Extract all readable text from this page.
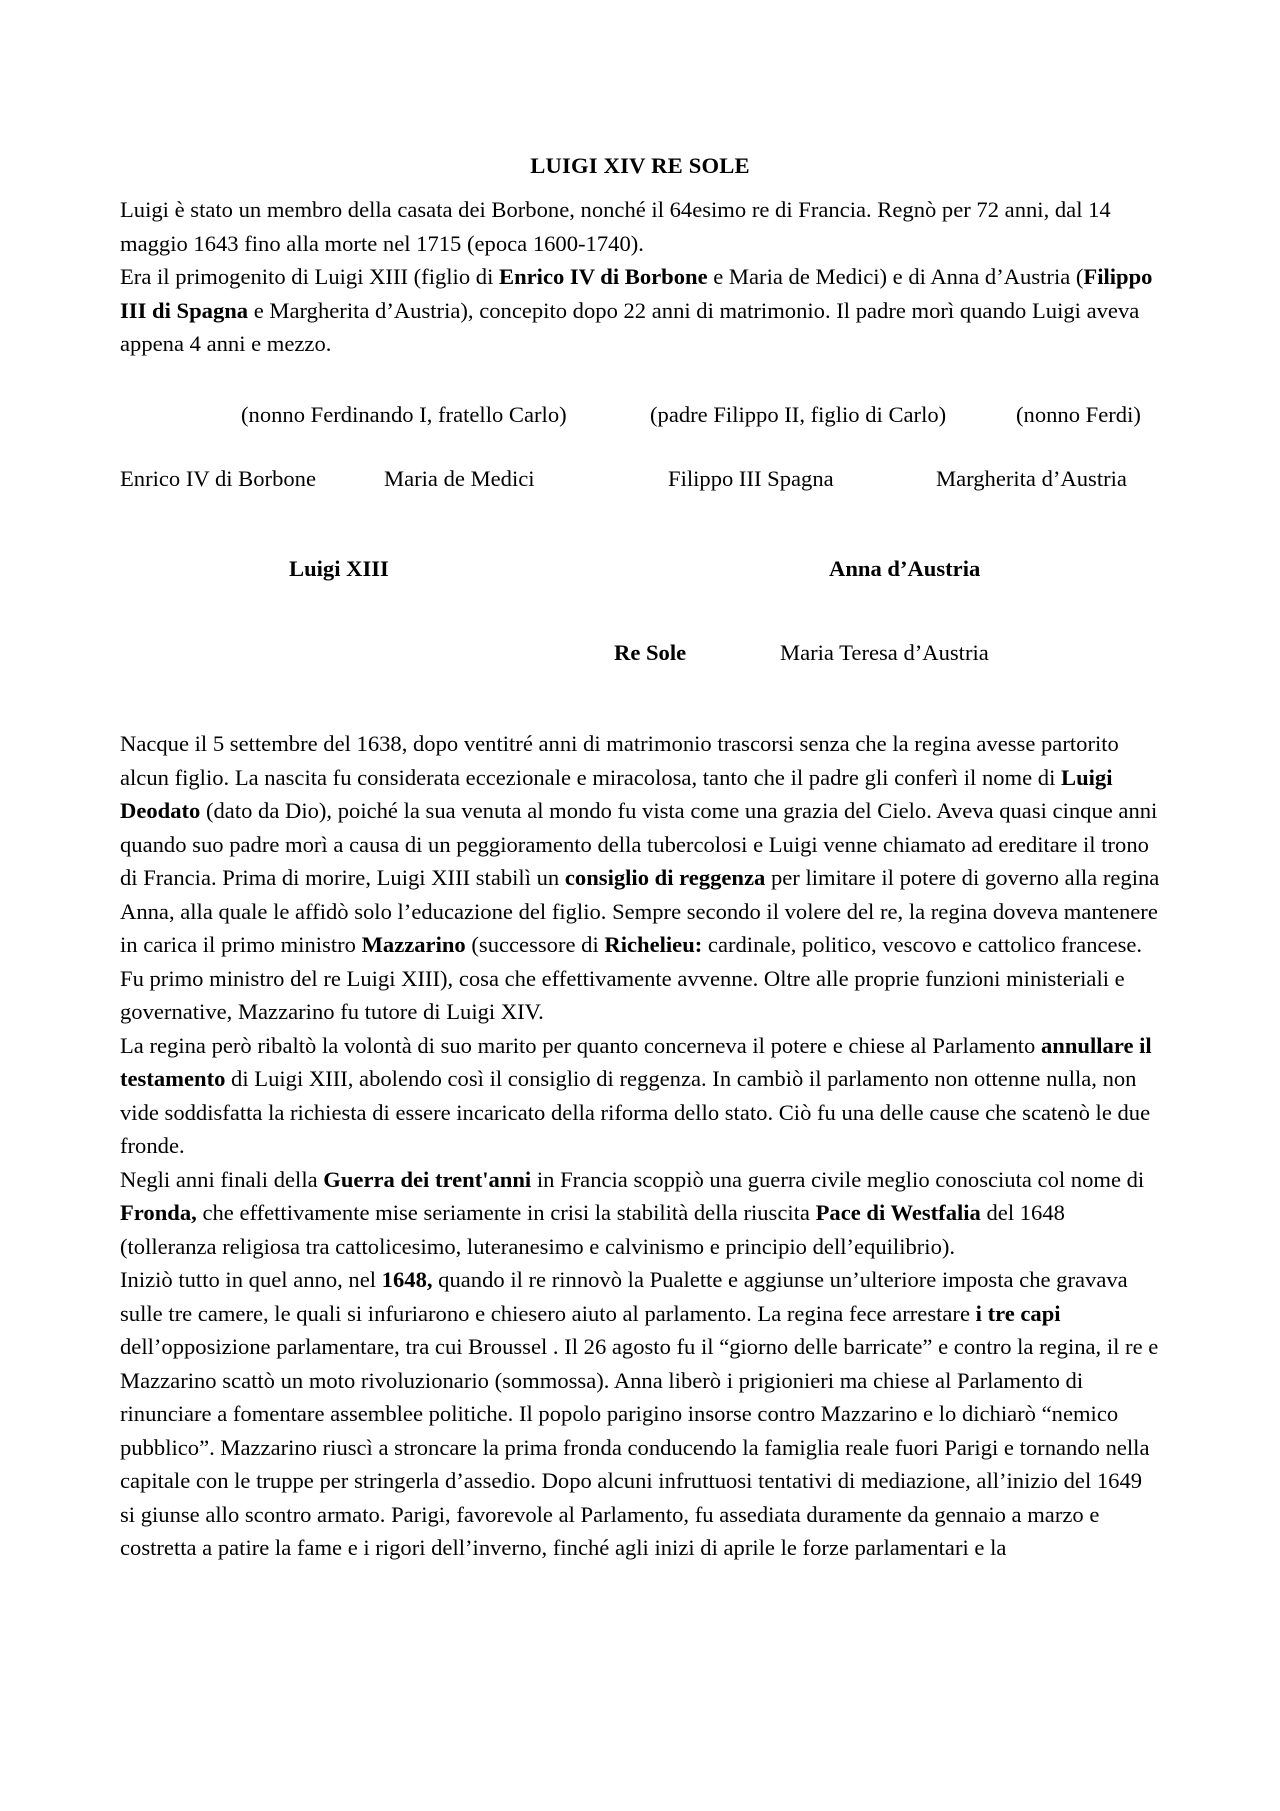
LUIGI XIV RE SOLE

Luigi è stato un membro della casata dei Borbone, nonché il 64esimo re di Francia. Regnò per 72 anni, dal 14 maggio 1643 fino alla morte nel 1715 (epoca 1600-1740).

Era il primogenito di Luigi XIII (figlio di Enrico IV di Borbone e Maria de Medici) e di Anna d’Austria (Filippo III di Spagna e Margherita d’Austria), concepito dopo 22 anni di matrimonio. Il padre morì quando Luigi aveva appena 4 anni e mezzo.

(nonno Ferdinando I, fratello Carlo)	(padre Filippo II, figlio di Carlo)	(nonno Ferdi)
Enrico IV di Borbone	Maria de Medici	Filippo III Spagna	Margherita d’Austria
Luigi XIII	Anna d’Austria
Re Sole	Maria Teresa d’Austria

Nacque il 5 settembre del 1638, dopo ventitré anni di matrimonio trascorsi senza che la regina avesse partorito alcun figlio. La nascita fu considerata eccezionale e miracolosa, tanto che il padre gli conferì il nome di Luigi Deodato (dato da Dio), poiché la sua venuta al mondo fu vista come una grazia del Cielo. Aveva quasi cinque anni quando suo padre morì a causa di un peggioramento della tubercolosi e Luigi venne chiamato ad ereditare il trono di Francia. Prima di morire, Luigi XIII stabilì un consiglio di reggenza per limitare il potere di governo alla regina Anna, alla quale le affidò solo l’educazione del figlio. Sempre secondo il volere del re, la regina doveva mantenere in carica il primo ministro Mazzarino (successore di Richelieu: cardinale, politico, vescovo e cattolico francese. Fu primo ministro del re Luigi XIII), cosa che effettivamente avvenne. Oltre alle proprie funzioni ministeriali e governative, Mazzarino fu tutore di Luigi XIV.

La regina però ribaltò la volontà di suo marito per quanto concerneva il potere e chiese al Parlamento annullare il testamento di Luigi XIII, abolendo così il consiglio di reggenza. In cambiò il parlamento non ottenne nulla, non vide soddisfatta la richiesta di essere incaricato della riforma dello stato. Ciò fu una delle cause che scatenò le due fronde.

Negli anni finali della Guerra dei trent'anni in Francia scoppiò una guerra civile meglio conosciuta col nome di Fronda, che effettivamente mise seriamente in crisi la stabilità della riuscita Pace di Westfalia del 1648 (tolleranza religiosa tra cattolicesimo, luteranesimo e calvinismo e principio dell’equilibrio).

Iniziò tutto in quel anno, nel 1648, quando il re rinnovò la Pualette e aggiunse un’ulteriore imposta che gravava sulle tre camere, le quali si infuriarono e chiesero aiuto al parlamento. La regina fece arrestare i tre capi dell’opposizione parlamentare, tra cui Broussel . Il 26 agosto fu il “giorno delle barricate” e contro la regina, il re e Mazzarino scattò un moto rivoluzionario (sommossa). Anna liberò i prigionieri ma chiese al Parlamento di rinunciare a fomentare assemblee politiche. Il popolo parigino insorse contro Mazzarino e lo dichiarò “nemico pubblico”. Mazzarino riuscì a stroncare la prima fronda conducendo la famiglia reale fuori Parigi e tornando nella capitale con le truppe per stringerla d’assedio. Dopo alcuni infruttuosi tentativi di mediazione, all’inizio del 1649 si giunse allo scontro armato. Parigi, favorevole al Parlamento, fu assediata duramente da gennaio a marzo e costretta a patire la fame e i rigori dell’inverno, finché agli inizi di aprile le forze parlamentari e la
